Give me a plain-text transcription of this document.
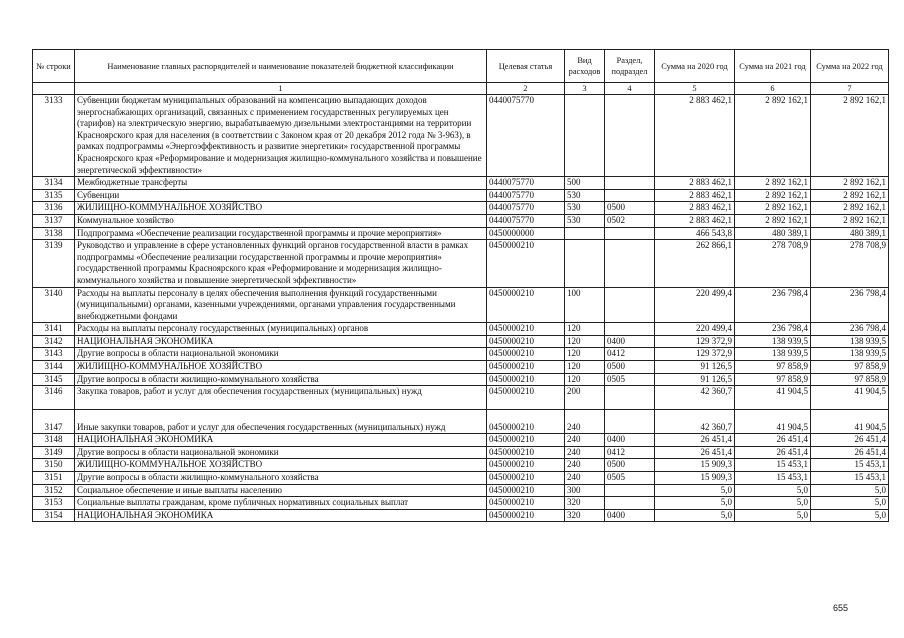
№ строки	Наименование главных распорядителей и наименование показателей бюджетной классификации	Целевая статья	Вид расходов	Раздел, подраздел	Сумма на 2020 год	Сумма на 2021 год	Сумма на 2022 год
	1	2	3	4	5	6	7
3133	Субвенции бюджетам муниципальных образований на компенсацию выпадающих доходов энергоснабжающих организаций, связанных с применением государственных регулируемых цен (тарифов) на электрическую энергию, вырабатываемую дизельными электростанциями на территории Красноярского края для населения (в соответствии с Законом края от 20 декабря 2012 года № 3-963), в рамках подпрограммы «Энергоэффективность и развитие энергетики» государственной программы Красноярского края «Реформирование и модернизация жилищно-коммунального хозяйства и повышение энергетической эффективности»	0440075770			2 883 462,1	2 892 162,1	2 892 162,1
3134	Межбюджетные трансферты	0440075770	500		2 883 462,1	2 892 162,1	2 892 162,1
3135	Субвенции	0440075770	530		2 883 462,1	2 892 162,1	2 892 162,1
3136	ЖИЛИЩНО-КОММУНАЛЬНОЕ ХОЗЯЙСТВО	0440075770	530	0500	2 883 462,1	2 892 162,1	2 892 162,1
3137	Коммунальное хозяйство	0440075770	530	0502	2 883 462,1	2 892 162,1	2 892 162,1
3138	Подпрограмма «Обеспечение реализации государственной программы и прочие мероприятия»	0450000000			466 543,8	480 389,1	480 389,1
3139	Руководство и управление в сфере установленных функций органов государственной власти в рамках подпрограммы «Обеспечение реализации государственной программы и прочие мероприятия» государственной программы Красноярского края «Реформирование и модернизация жилищно-коммунального хозяйства и повышение энергетической эффективности»	0450000210			262 866,1	278 708,9	278 708,9
3140	Расходы на выплаты персоналу в целях обеспечения выполнения функций государственными (муниципальными) органами, казенными учреждениями, органами управления государственными внебюджетными фондами	0450000210	100		220 499,4	236 798,4	236 798,4
3141	Расходы на выплаты персоналу государственных (муниципальных) органов	0450000210	120		220 499,4	236 798,4	236 798,4
3142	НАЦИОНАЛЬНАЯ ЭКОНОМИКА	0450000210	120	0400	129 372,9	138 939,5	138 939,5
3143	Другие вопросы в области национальной экономики	0450000210	120	0412	129 372,9	138 939,5	138 939,5
3144	ЖИЛИЩНО-КОММУНАЛЬНОЕ ХОЗЯЙСТВО	0450000210	120	0500	91 126,5	97 858,9	97 858,9
3145	Другие вопросы в области жилищно-коммунального хозяйства	0450000210	120	0505	91 126,5	97 858,9	97 858,9
3146	Закупка товаров, работ и услуг для обеспечения государственных (муниципальных) нужд	0450000210	200		42 360,7	41 904,5	41 904,5
3147	Иные закупки товаров, работ и услуг для обеспечения государственных (муниципальных) нужд	0450000210	240		42 360,7	41 904,5	41 904,5
3148	НАЦИОНАЛЬНАЯ ЭКОНОМИКА	0450000210	240	0400	26 451,4	26 451,4	26 451,4
3149	Другие вопросы в области национальной экономики	0450000210	240	0412	26 451,4	26 451,4	26 451,4
3150	ЖИЛИЩНО-КОММУНАЛЬНОЕ ХОЗЯЙСТВО	0450000210	240	0500	15 909,3	15 453,1	15 453,1
3151	Другие вопросы в области жилищно-коммунального хозяйства	0450000210	240	0505	15 909,3	15 453,1	15 453,1
3152	Социальное обеспечение и иные выплаты населению	0450000210	300		5,0	5,0	5,0
3153	Социальные выплаты гражданам, кроме публичных нормативных социальных выплат	0450000210	320		5,0	5,0	5,0
3154	НАЦИОНАЛЬНАЯ ЭКОНОМИКА	0450000210	320	0400	5,0	5,0	5,0
655
